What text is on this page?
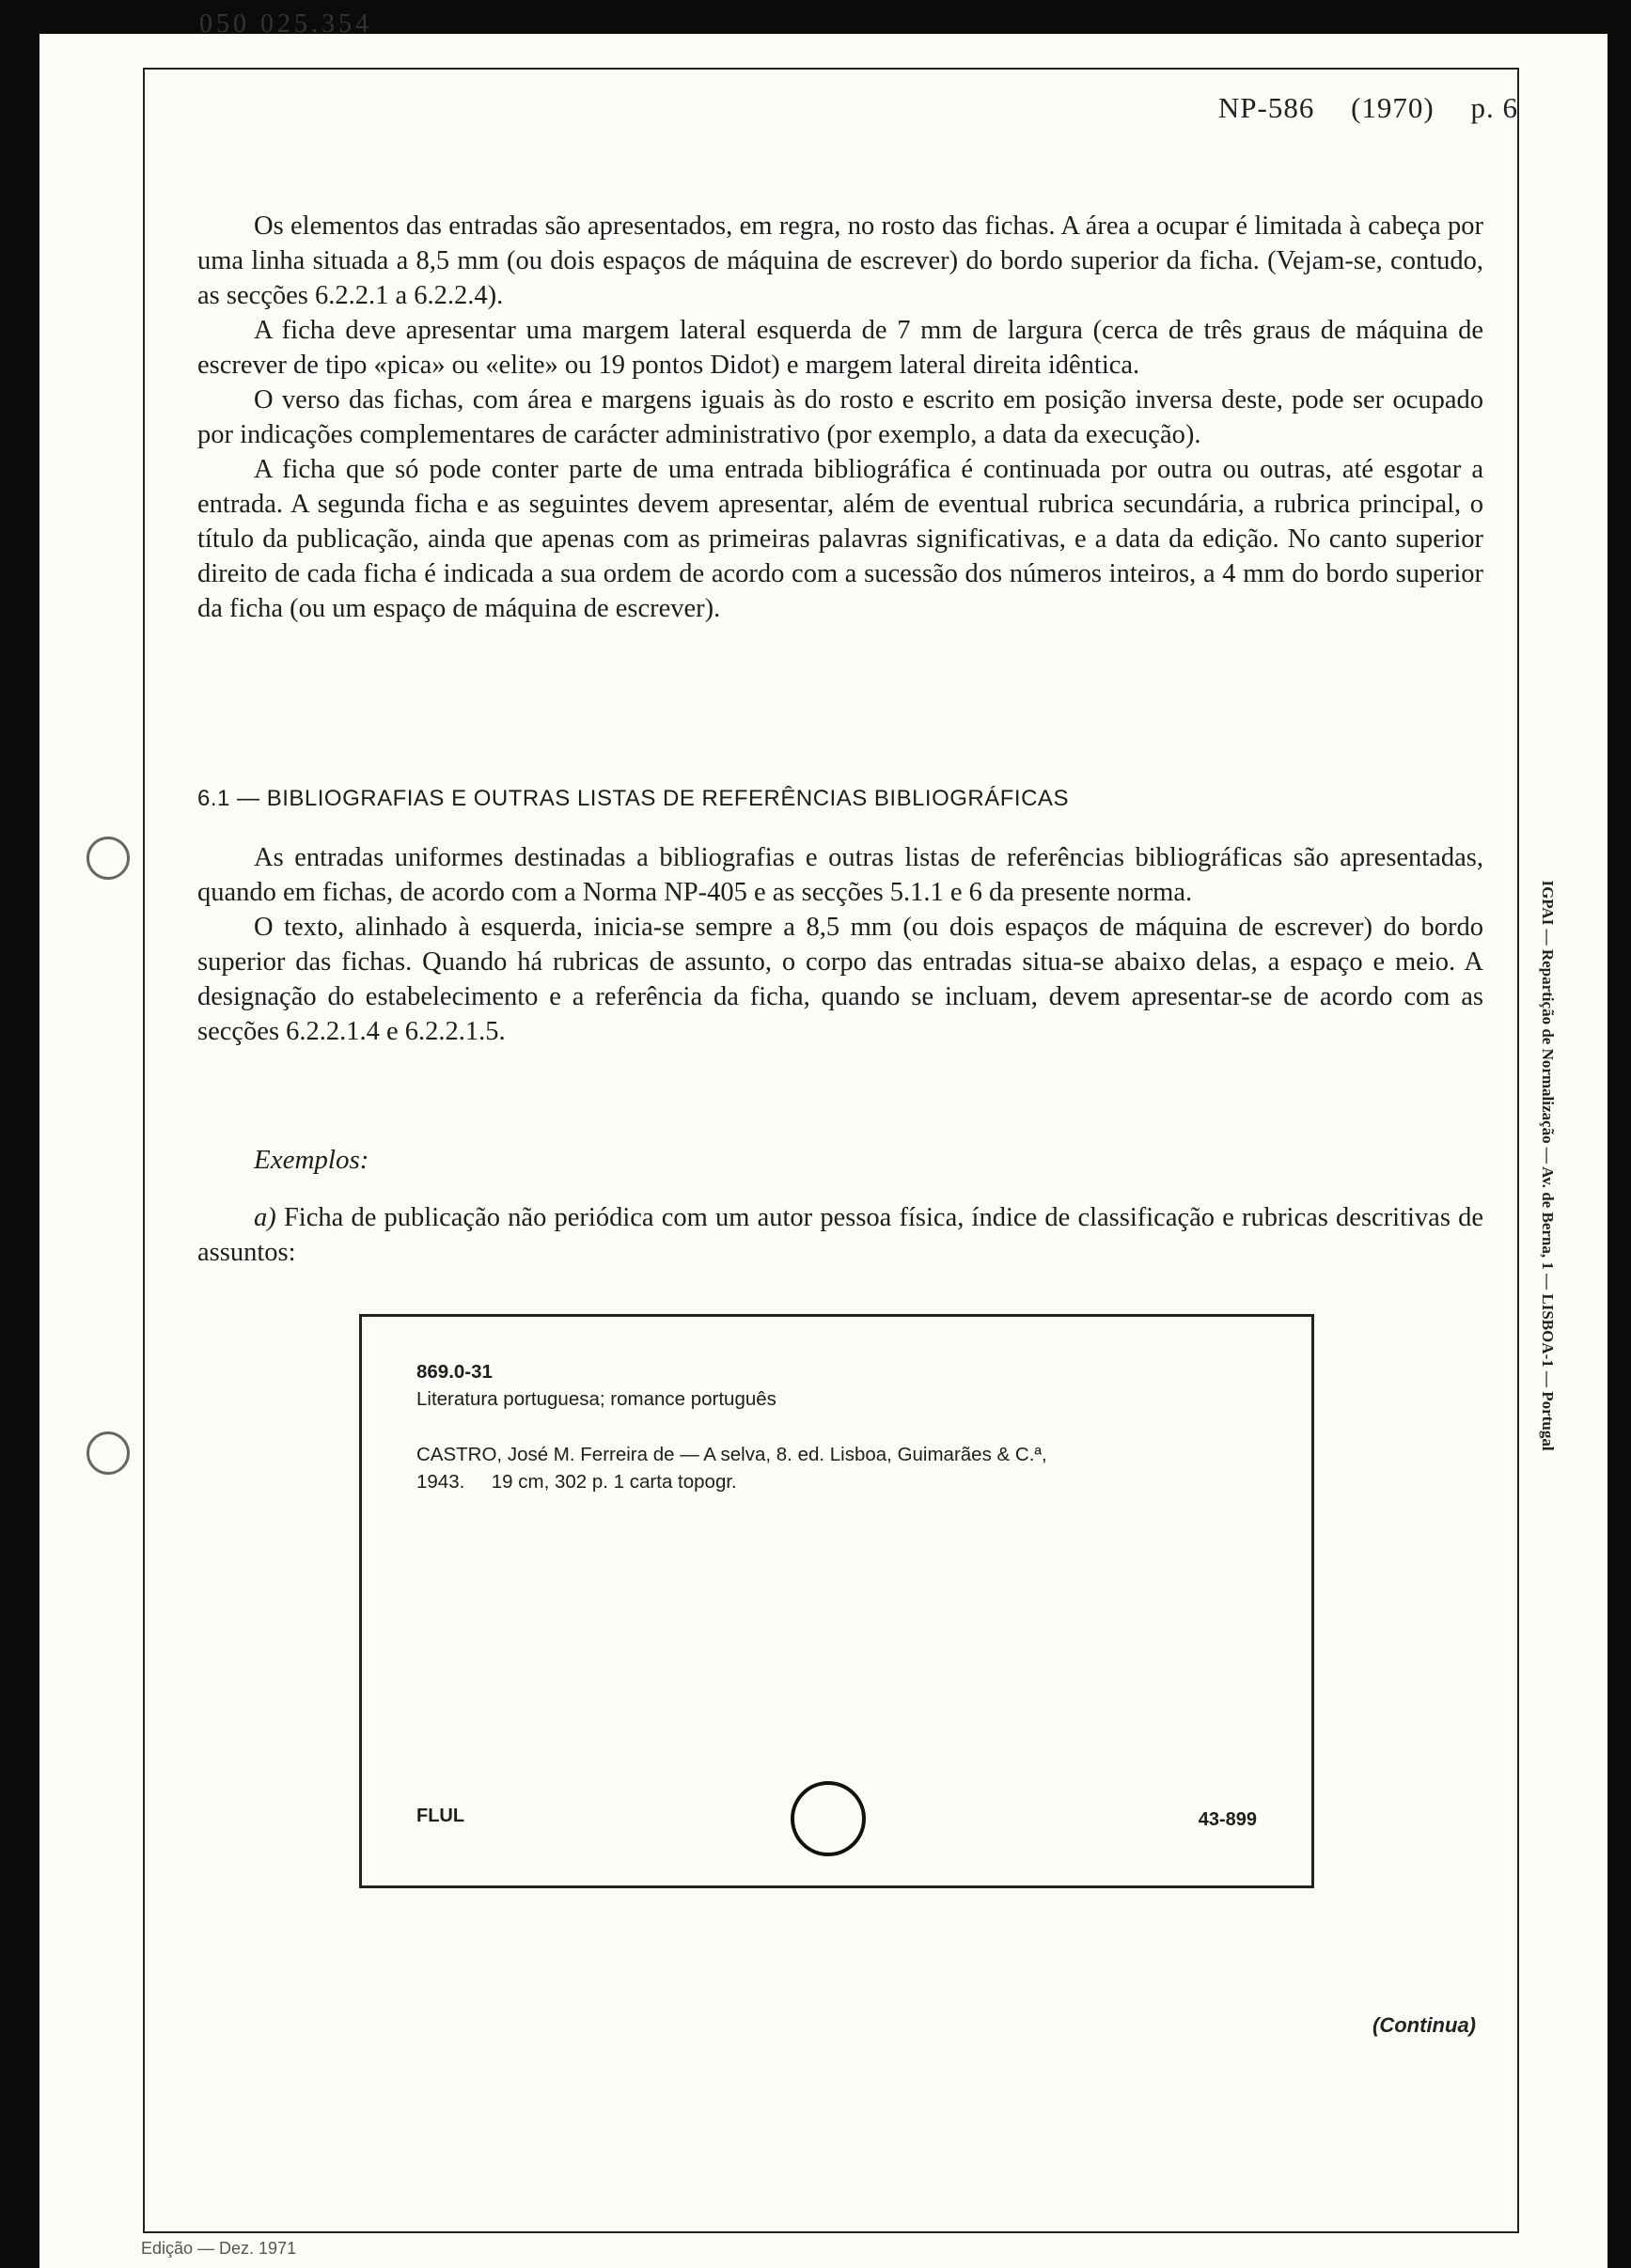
050 025.354
NP-586 (1970) p. 6

Os elementos das entradas são apresentados, em regra, no rosto das fichas. A área a ocupar é limitada à cabeça por uma linha situada a 8,5 mm (ou dois espaços de máquina de escrever) do bordo superior da ficha. (Vejam-se, contudo, as secções 6.2.2.1 a 6.2.2.4).

A ficha deve apresentar uma margem lateral esquerda de 7 mm de largura (cerca de três graus de máquina de escrever de tipo «pica» ou «elite» ou 19 pontos Didot) e margem lateral direita idêntica.

O verso das fichas, com área e margens iguais às do rosto e escrito em posição inversa deste, pode ser ocupado por indicações complementares de carácter administrativo (por exemplo, a data da execução).

A ficha que só pode conter parte de uma entrada bibliográfica é continuada por outra ou outras, até esgotar a entrada. A segunda ficha e as seguintes devem apresentar, além de eventual rubrica secundária, a rubrica principal, o título da publicação, ainda que apenas com as primeiras palavras significativas, e a data da edição. No canto superior direito de cada ficha é indicada a sua ordem de acordo com a sucessão dos números inteiros, a 4 mm do bordo superior da ficha (ou um espaço de máquina de escrever).

6.1 — BIBLIOGRAFIAS E OUTRAS LISTAS DE REFERÊNCIAS BIBLIOGRÁFICAS

As entradas uniformes destinadas a bibliografias e outras listas de referências bibliográficas são apresentadas, quando em fichas, de acordo com a Norma NP-405 e as secções 5.1.1 e 6 da presente norma.

O texto, alinhado à esquerda, inicia-se sempre a 8,5 mm (ou dois espaços de máquina de escrever) do bordo superior das fichas. Quando há rubricas de assunto, o corpo das entradas situa-se abaixo delas, a espaço e meio. A designação do estabelecimento e a referência da ficha, quando se incluam, devem apresentar-se de acordo com as secções 6.2.2.1.4 e 6.2.2.1.5.

Exemplos:

a) Ficha de publicação não periódica com um autor pessoa física, índice de classificação e rubricas descritivas de assuntos:

869.0-31
Literatura portuguesa; romance português
CASTRO, José M. Ferreira de — A selva, 8. ed. Lisboa, Guimarães & C.ª,
1943.     19 cm, 302 p. 1 carta topogr.
FLUL	43-899
(Continua)
IGPAI — Repartição de Normalização — Av. de Berna, 1 — LISBOA-1 — Portugal
Edição — Dez. 1971
